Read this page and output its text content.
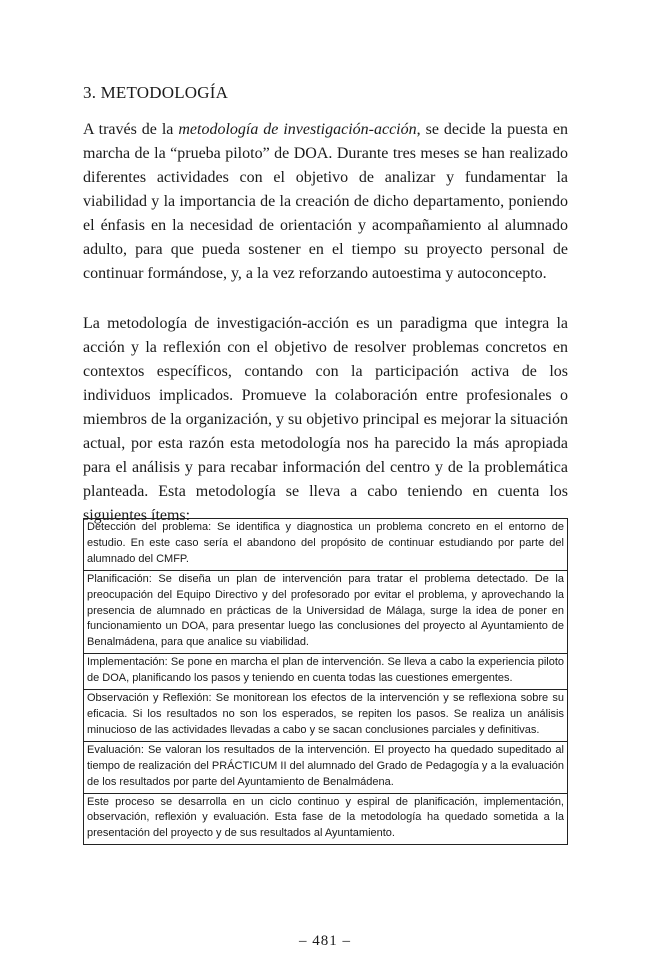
3. METODOLOGÍA

A través de la metodología de investigación-acción, se decide la puesta en marcha de la “prueba piloto” de DOA. Durante tres meses se han realizado diferentes actividades con el objetivo de analizar y fundamentar la viabilidad y la importancia de la creación de dicho departamento, poniendo el énfasis en la necesidad de orientación y acompañamiento al alumnado adulto, para que pueda sostener en el tiempo su proyecto personal de continuar formándose, y, a la vez reforzando autoestima y autoconcepto.

La metodología de investigación-acción es un paradigma que integra la acción y la reflexión con el objetivo de resolver problemas concretos en contextos específicos, contando con la participación activa de los individuos implicados. Promueve la colaboración entre profesionales o miembros de la organización, y su objetivo principal es mejorar la situación actual, por esta razón esta metodología nos ha parecido la más apropiada para el análisis y para recabar información del centro y de la problemática planteada. Esta metodología se lleva a cabo teniendo en cuenta los siguientes ítems:

Detección del problema: Se identifica y diagnostica un problema concreto en el entorno de estudio. En este caso sería el abandono del propósito de continuar estudiando por parte del alumnado del CMFP.
Planificación: Se diseña un plan de intervención para tratar el problema detectado. De la preocupación del Equipo Directivo y del profesorado por evitar el problema, y aprovechando la presencia de alumnado en prácticas de la Universidad de Málaga, surge la idea de poner en funcionamiento un DOA, para presentar luego las conclusiones del proyecto al Ayuntamiento de Benalmádena, para que analice su viabilidad.
Implementación: Se pone en marcha el plan de intervención. Se lleva a cabo la experiencia piloto de DOA, planificando los pasos y teniendo en cuenta todas las cuestiones emergentes.
Observación y Reflexión: Se monitorean los efectos de la intervención y se reflexiona sobre su eficacia. Si los resultados no son los esperados, se repiten los pasos. Se realiza un análisis minucioso de las actividades llevadas a cabo y se sacan conclusiones parciales y definitivas.
Evaluación: Se valoran los resultados de la intervención. El proyecto ha quedado supeditado al tiempo de realización del PRÁCTICUM II del alumnado del Grado de Pedagogía y a la evaluación de los resultados por parte del Ayuntamiento de Benalmádena.
Este proceso se desarrolla en un ciclo continuo y espiral de planificación, implementación, observación, reflexión y evaluación. Esta fase de la metodología ha quedado sometida a la presentación del proyecto y de sus resultados al Ayuntamiento.
– 481 –
